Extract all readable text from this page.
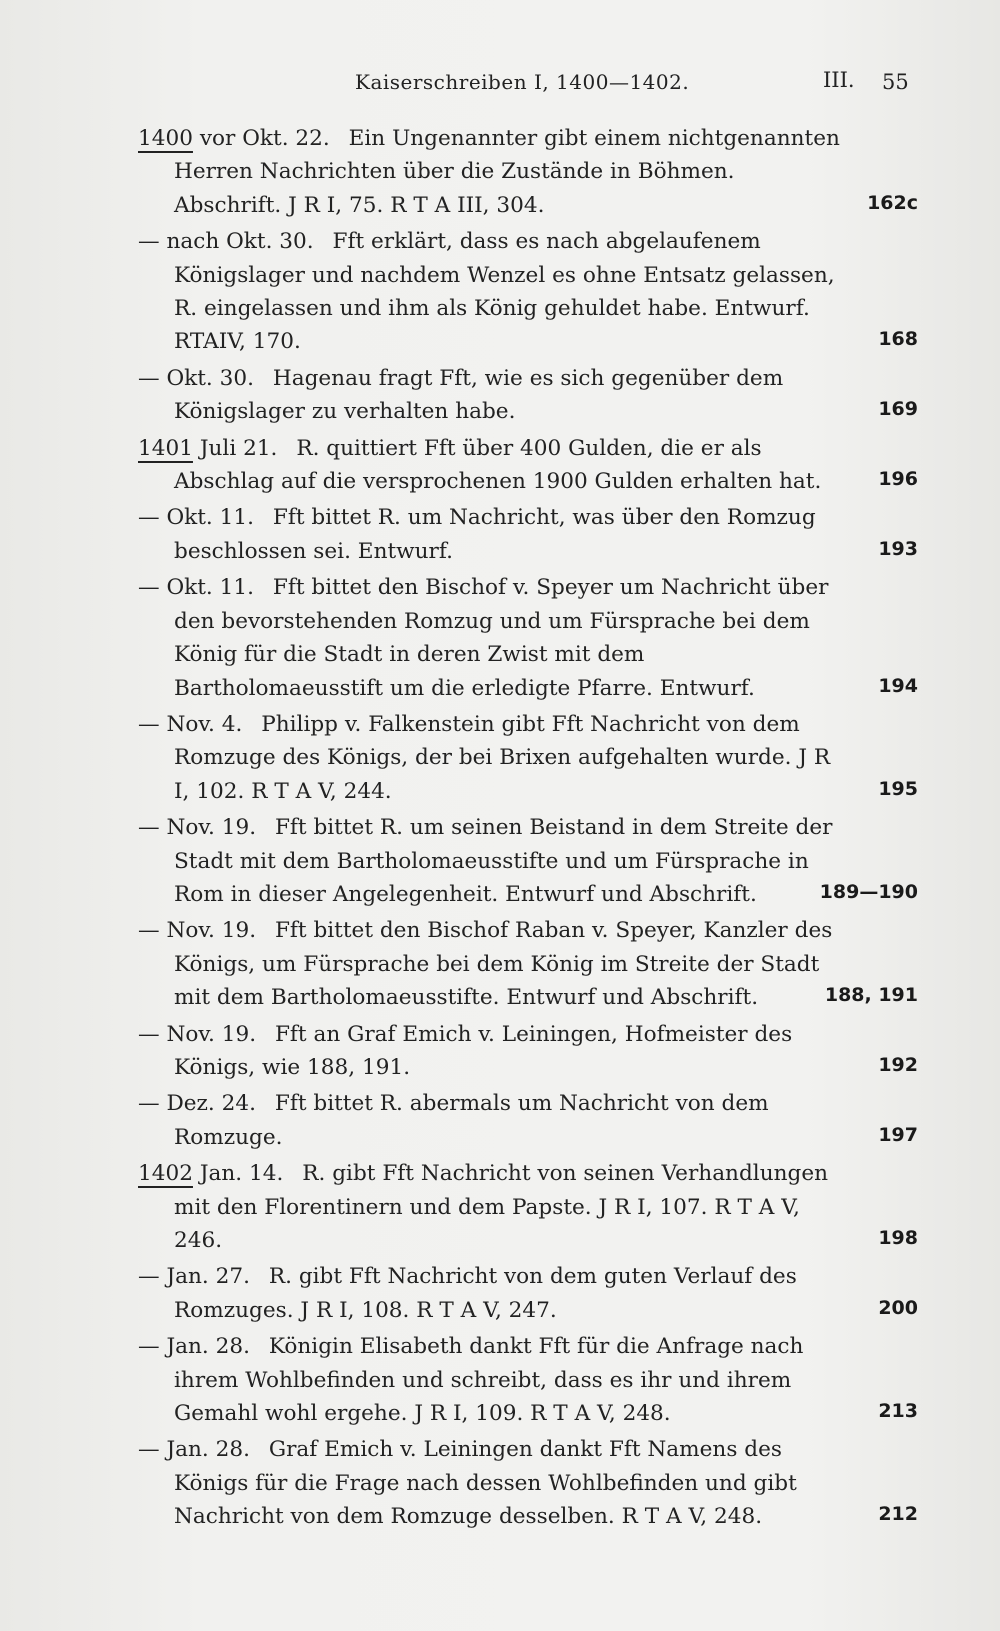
Kaiserschreiben I, 1400—1402.	III. 55
1400 vor Okt. 22. Ein Ungenannter gibt einem nichtgenannten Herren Nachrichten über die Zustände in Böhmen. Abschrift. J R I, 75. R T A III, 304.	162c
— nach Okt. 30. Fft erklärt, dass es nach abgelaufenem Königslager und nachdem Wenzel es ohne Entsatz gelassen, R. eingelassen und ihm als König gehuldet habe. Entwurf. RTAIV, 170.	168
— Okt. 30. Hagenau fragt Fft, wie es sich gegenüber dem Königslager zu verhalten habe.	169
1401 Juli 21. R. quittiert Fft über 400 Gulden, die er als Abschlag auf die versprochenen 1900 Gulden erhalten hat.	196
— Okt. 11. Fft bittet R. um Nachricht, was über den Romzug beschlossen sei. Entwurf.	193
— Okt. 11. Fft bittet den Bischof v. Speyer um Nachricht über den bevorstehenden Romzug und um Fürsprache bei dem König für die Stadt in deren Zwist mit dem Bartholomaeusstift um die erledigte Pfarre. Entwurf.	194
— Nov. 4. Philipp v. Falkenstein gibt Fft Nachricht von dem Romzuge des Königs, der bei Brixen aufgehalten wurde. J R I, 102. R T A V, 244.	195
— Nov. 19. Fft bittet R. um seinen Beistand in dem Streite der Stadt mit dem Bartholomaeusstifte und um Fürsprache in Rom in dieser Angelegenheit. Entwurf und Abschrift.	189—190
— Nov. 19. Fft bittet den Bischof Raban v. Speyer, Kanzler des Königs, um Fürsprache bei dem König im Streite der Stadt mit dem Bartholomaeusstifte. Entwurf und Abschrift.	188, 191
— Nov. 19. Fft an Graf Emich v. Leiningen, Hofmeister des Königs, wie 188, 191.	192
— Dez. 24. Fft bittet R. abermals um Nachricht von dem Romzuge.	197
1402 Jan. 14. R. gibt Fft Nachricht von seinen Verhandlungen mit den Florentinern und dem Papste. J R I, 107. R T A V, 246.	198
— Jan. 27. R. gibt Fft Nachricht von dem guten Verlauf des Romzuges. J R I, 108. R T A V, 247.	200
— Jan. 28. Königin Elisabeth dankt Fft für die Anfrage nach ihrem Wohlbefinden und schreibt, dass es ihr und ihrem Gemahl wohl ergehe. J R I, 109. R T A V, 248.	213
— Jan. 28. Graf Emich v. Leiningen dankt Fft Namens des Königs für die Frage nach dessen Wohlbefinden und gibt Nachricht von dem Romzuge desselben. R T A V, 248.	212
